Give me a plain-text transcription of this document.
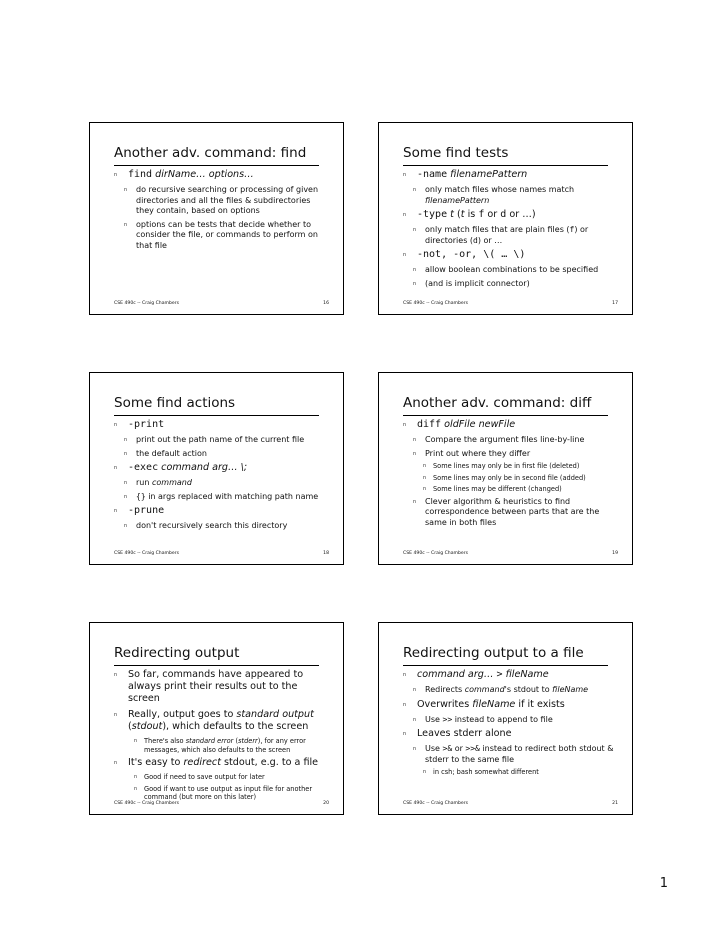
Another adv. command: find

n find dirName… options…

n do recursive searching or processing of given directories and all the files & subdirectories they contain, based on options

n options can be tests that decide whether to consider the file, or commands to perform on that file

CSE 490c -- Craig Chambers	16
Some find tests

n -name filenamePattern

n only match files whose names match filenamePattern

n -type t (t is f or d or …)

n only match files that are plain files (f) or directories (d) or …

n -not, -or, \( … \)

n allow boolean combinations to be specified

n (and is implicit connector)

CSE 490c -- Craig Chambers	17
Some find actions

n -print

n print out the path name of the current file

n the default action

n -exec command arg… \;

n run command

n {} in args replaced with matching path name

n -prune

n don't recursively search this directory

CSE 490c -- Craig Chambers	18
Another adv. command: diff

n diff oldFile newFile

n Compare the argument files line-by-line

n Print out where they differ

n Some lines may only be in first file (deleted)

n Some lines may only be in second file (added)

n Some lines may be different (changed)

n Clever algorithm & heuristics to find correspondence between parts that are the same in both files

CSE 490c -- Craig Chambers	19
Redirecting output

n So far, commands have appeared to always print their results out to the screen

n Really, output goes to standard output (stdout), which defaults to the screen

n There's also standard error (stderr), for any error messages, which also defaults to the screen

n It's easy to redirect stdout, e.g. to a file

n Good if need to save output for later

n Good if want to use output as input file for another command (but more on this later)

CSE 490c -- Craig Chambers	20
Redirecting output to a file

n command arg… > fileName

n Redirects command's stdout to fileName

n Overwrites fileName if it exists

n Use >> instead to append to file

n Leaves stderr alone

n Use >& or >>& instead to redirect both stdout & stderr to the same file

n in csh; bash somewhat different

CSE 490c -- Craig Chambers	21
1
